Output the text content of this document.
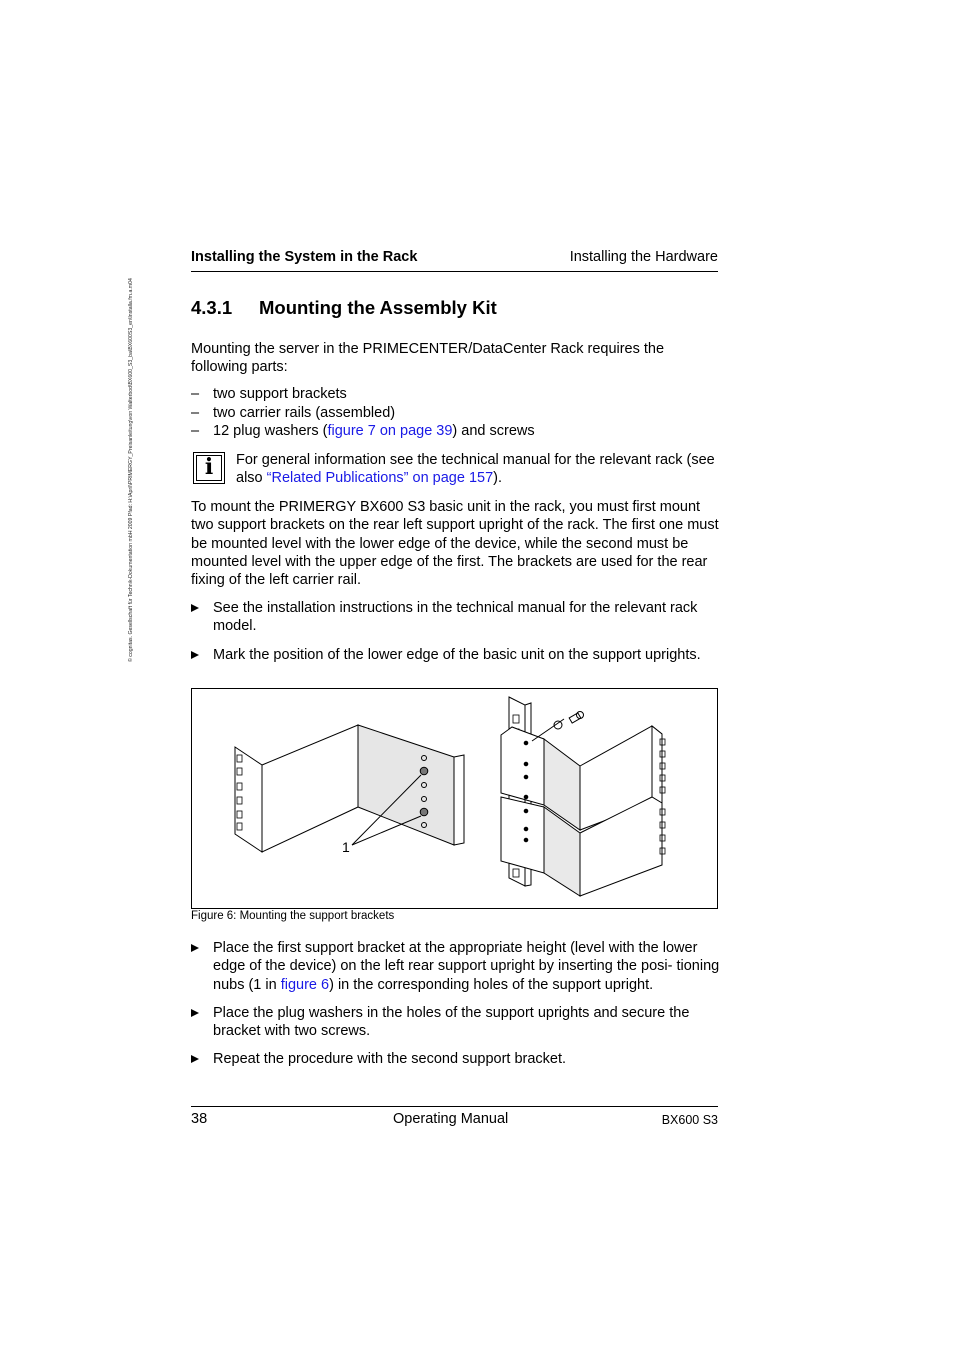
© cognitas. Gesellschaft für Technik-Dokumentation mbH 2009 Pfad: H:\April\PRIMERGY_Preisanleitung\von Walterbod\BX600_S3_ba\BX600S3_en\Installa.fm.a.m04
Installing the System in the Rack	Installing the Hardware
4.3.1 Mounting the Assembly Kit

Mounting the server in the PRIMECENTER/DataCenter Rack requires the following parts:

– two support brackets
– two carrier rails (assembled)
– 12 plug washers (figure 7 on page 39) and screws
i	For general information see the technical manual for the relevant rack (see also “Related Publications” on page 157).

To mount the PRIMERGY BX600 S3 basic unit in the rack, you must first mount two support brackets on the rear left support upright of the rack. The first one must be mounted level with the lower edge of the device, while the second must be mounted level with the upper edge of the first. The brackets are used for the rear fixing of the left carrier rail.

See the installation instructions in the technical manual for the relevant rack model.
Mark the position of the lower edge of the basic unit on the support uprights.
1
Figure 6: Mounting the support brackets
Place the first support bracket at the appropriate height (level with the lower edge of the device) on the left rear support upright by inserting the posi- tioning nubs (1 in figure 6) in the corresponding holes of the support upright.
Place the plug washers in the holes of the support uprights and secure the bracket with two screws.
Repeat the procedure with the second support bracket.
38	Operating Manual	BX600 S3
